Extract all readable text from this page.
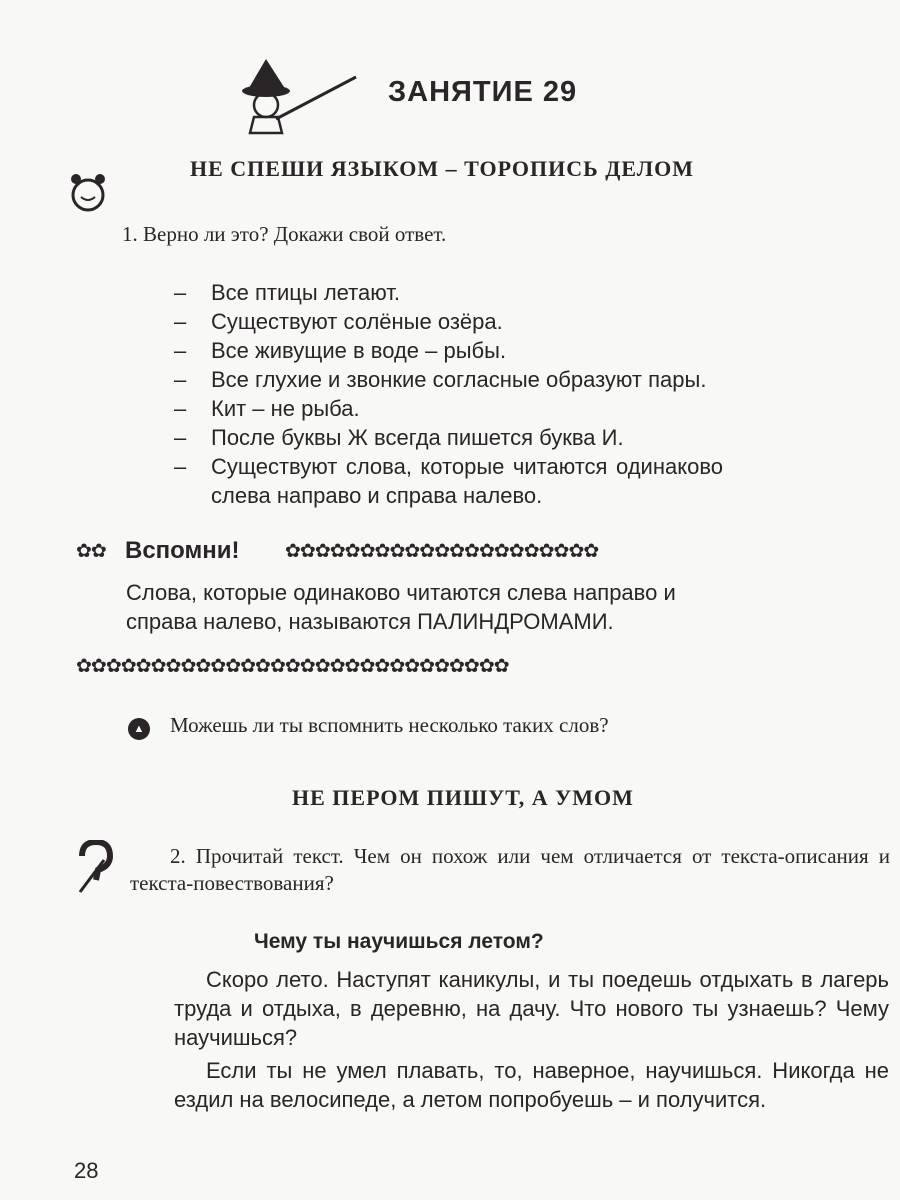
ЗАНЯТИЕ 29
НЕ СПЕШИ ЯЗЫКОМ – ТОРОПИСЬ ДЕЛОМ
1. Верно ли это? Докажи свой ответ.
–	Все птицы летают.
–	Существуют солёные озёра.
–	Все живущие в воде – рыбы.
–	Все глухие и звонкие согласные образуют пары.
–	Кит – не рыба.
–	После буквы Ж всегда пишется буква И.
–	Существуют слова, которые читаются одинаково слева направо и справа налево.
✿✿ Вспомни! ✿✿✿✿✿✿✿✿✿✿✿✿✿✿✿✿✿✿✿✿✿
Слова, которые одинаково читаются слева направо и справа налево, называются ПАЛИНДРОМАМИ.
✿✿✿✿✿✿✿✿✿✿✿✿✿✿✿✿✿✿✿✿✿✿✿✿✿✿✿✿✿
▲ Можешь ли ты вспомнить несколько таких слов?
НЕ ПЕРОМ ПИШУТ, А УМОМ
2. Прочитай текст. Чем он похож или чем отличается от текста-описания и текста-повествования?
Чему ты научишься летом?

Скоро лето. Наступят каникулы, и ты поедешь отдыхать в лагерь труда и отдыха, в деревню, на дачу. Что нового ты узнаешь? Чему научишься?

Если ты не умел плавать, то, наверное, научишься. Никогда не ездил на велосипеде, а летом попробуешь – и получится.

28
